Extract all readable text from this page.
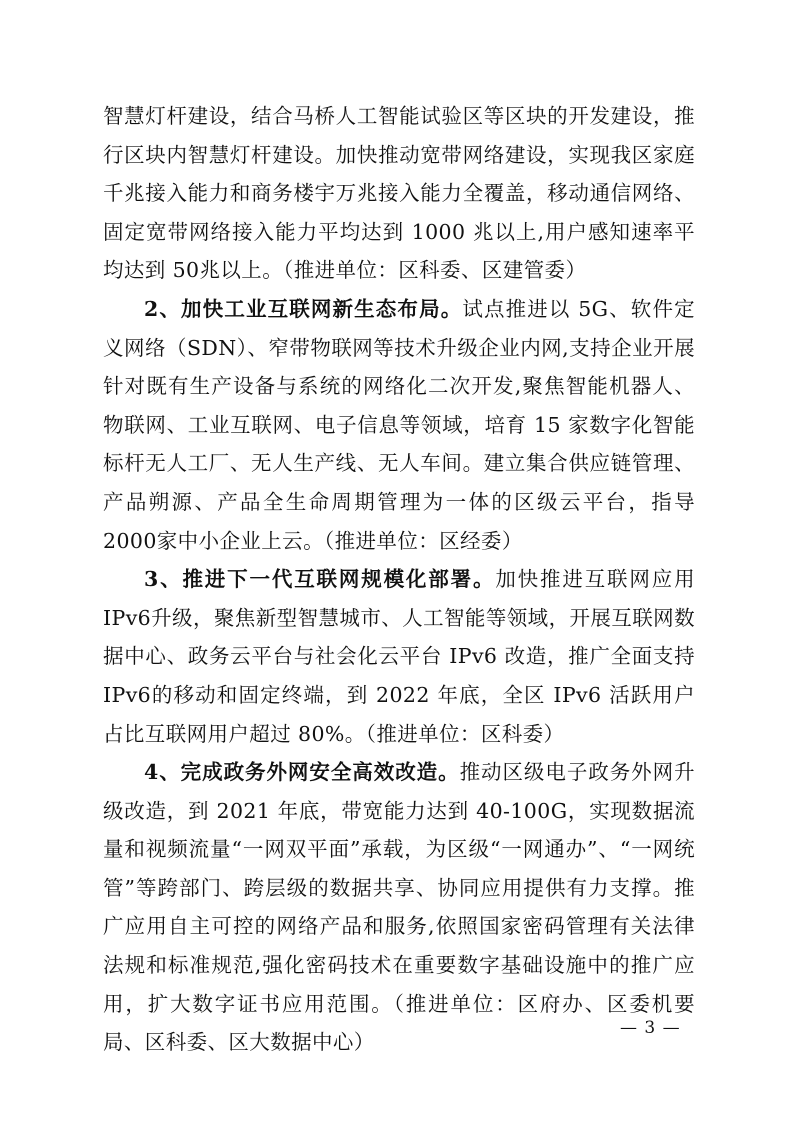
智慧灯杆建设，结合马桥人工智能试验区等区块的开发建设，推行区块内智慧灯杆建设。加快推动宽带网络建设，实现我区家庭千兆接入能力和商务楼宇万兆接入能力全覆盖，移动通信网络、固定宽带网络接入能力平均达到 1000 兆以上,用户感知速率平均达到 50兆以上。（推进单位：区科委、区建管委）

2、加快工业互联网新生态布局。试点推进以 5G、软件定义网络（SDN）、窄带物联网等技术升级企业内网,支持企业开展针对既有生产设备与系统的网络化二次开发,聚焦智能机器人、物联网、工业互联网、电子信息等领域，培育 15 家数字化智能标杆无人工厂、无人生产线、无人车间。建立集合供应链管理、产品朔源、产品全生命周期管理为一体的区级云平台，指导 2000家中小企业上云。（推进单位：区经委）

3、推进下一代互联网规模化部署。加快推进互联网应用 IPv6升级，聚焦新型智慧城市、人工智能等领域，开展互联网数据中心、政务云平台与社会化云平台 IPv6 改造，推广全面支持 IPv6的移动和固定终端，到 2022 年底，全区 IPv6 活跃用户占比互联网用户超过 80%。（推进单位：区科委）

4、完成政务外网安全高效改造。推动区级电子政务外网升级改造，到 2021 年底，带宽能力达到 40-100G，实现数据流量和视频流量“一网双平面”承载，为区级“一网通办”、“一网统管”等跨部门、跨层级的数据共享、协同应用提供有力支撑。推广应用自主可控的网络产品和服务,依照国家密码管理有关法律法规和标准规范,强化密码技术在重要数字基础设施中的推广应用，扩大数字证书应用范围。（推进单位：区府办、区委机要局、区科委、区大数据中心）

— 3 —
